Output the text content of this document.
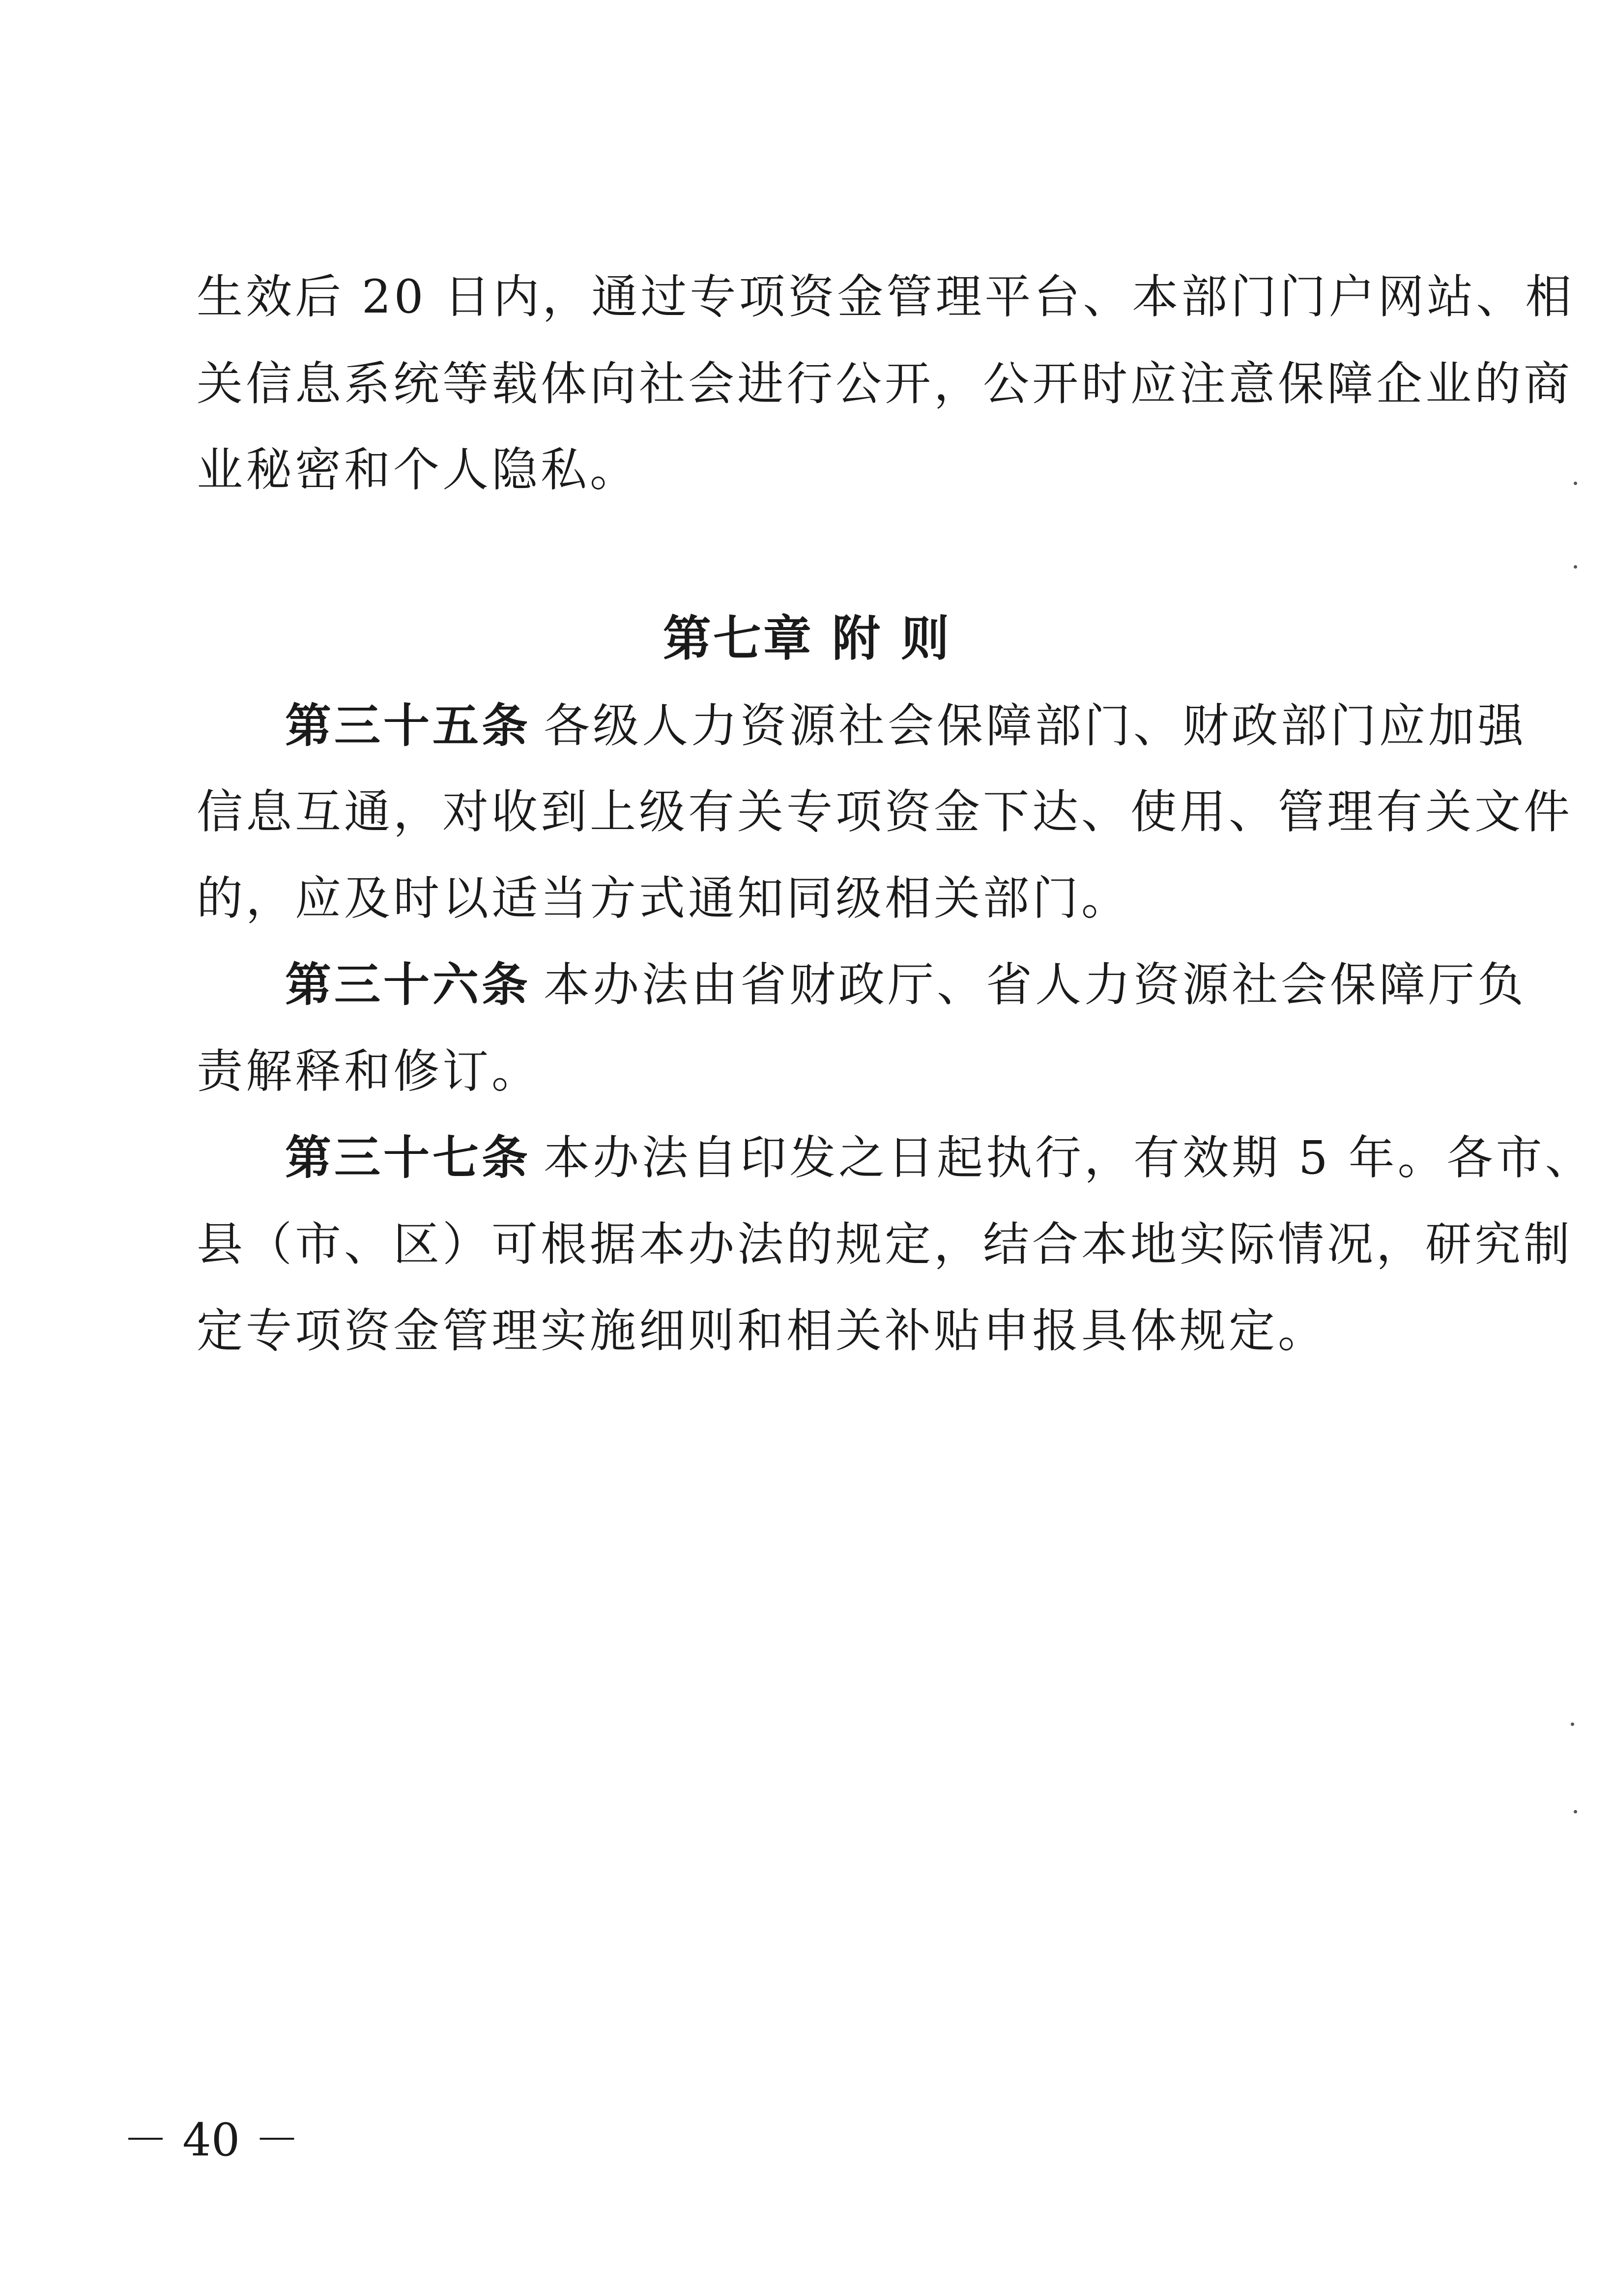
生效后 20 日内，通过专项资金管理平台、本部门门户网站、相
关信息系统等载体向社会进行公开，公开时应注意保障企业的商
业秘密和个人隐私。
第七章 附 则
第三十五条 各级人力资源社会保障部门、财政部门应加强
信息互通，对收到上级有关专项资金下达、使用、管理有关文件
的，应及时以适当方式通知同级相关部门。
第三十六条 本办法由省财政厅、省人力资源社会保障厅负
责解释和修订。
第三十七条 本办法自印发之日起执行，有效期 5 年。各市、
县（市、区）可根据本办法的规定，结合本地实际情况，研究制
定专项资金管理实施细则和相关补贴申报具体规定。
－ 40 －
